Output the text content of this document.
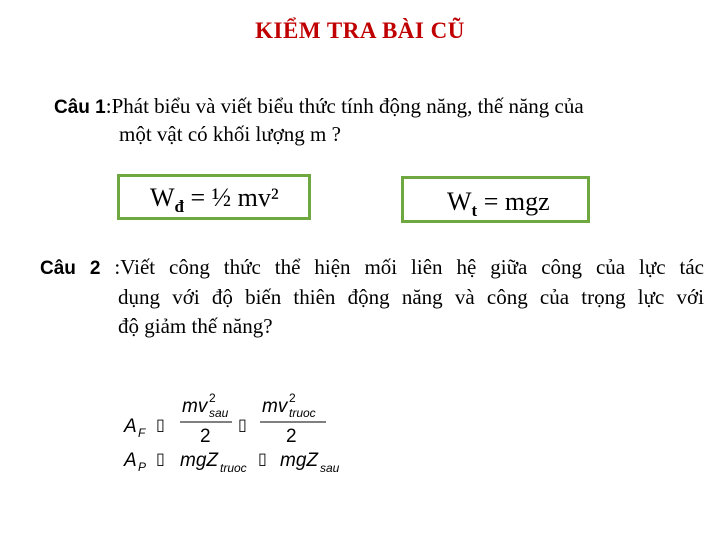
KIỂM TRA BÀI CŨ
Câu 1:Phát biểu và viết biểu thức tính động năng, thế năng của
một vật có khối lượng m ?
$W_đ$ = ½ mv²	$W_t$ = mgz
Câu 2 :Viết công thức thể hiện mối liên hệ giữa công của lực tác
dụng với độ biến thiên động năng và công của trọng lực với
độ giảm thế năng?
A F ▯
mv 2
sau
2
▯
mv 2
truoc
2
A P ▯ mgZ truoc ▯ mgZ sau
